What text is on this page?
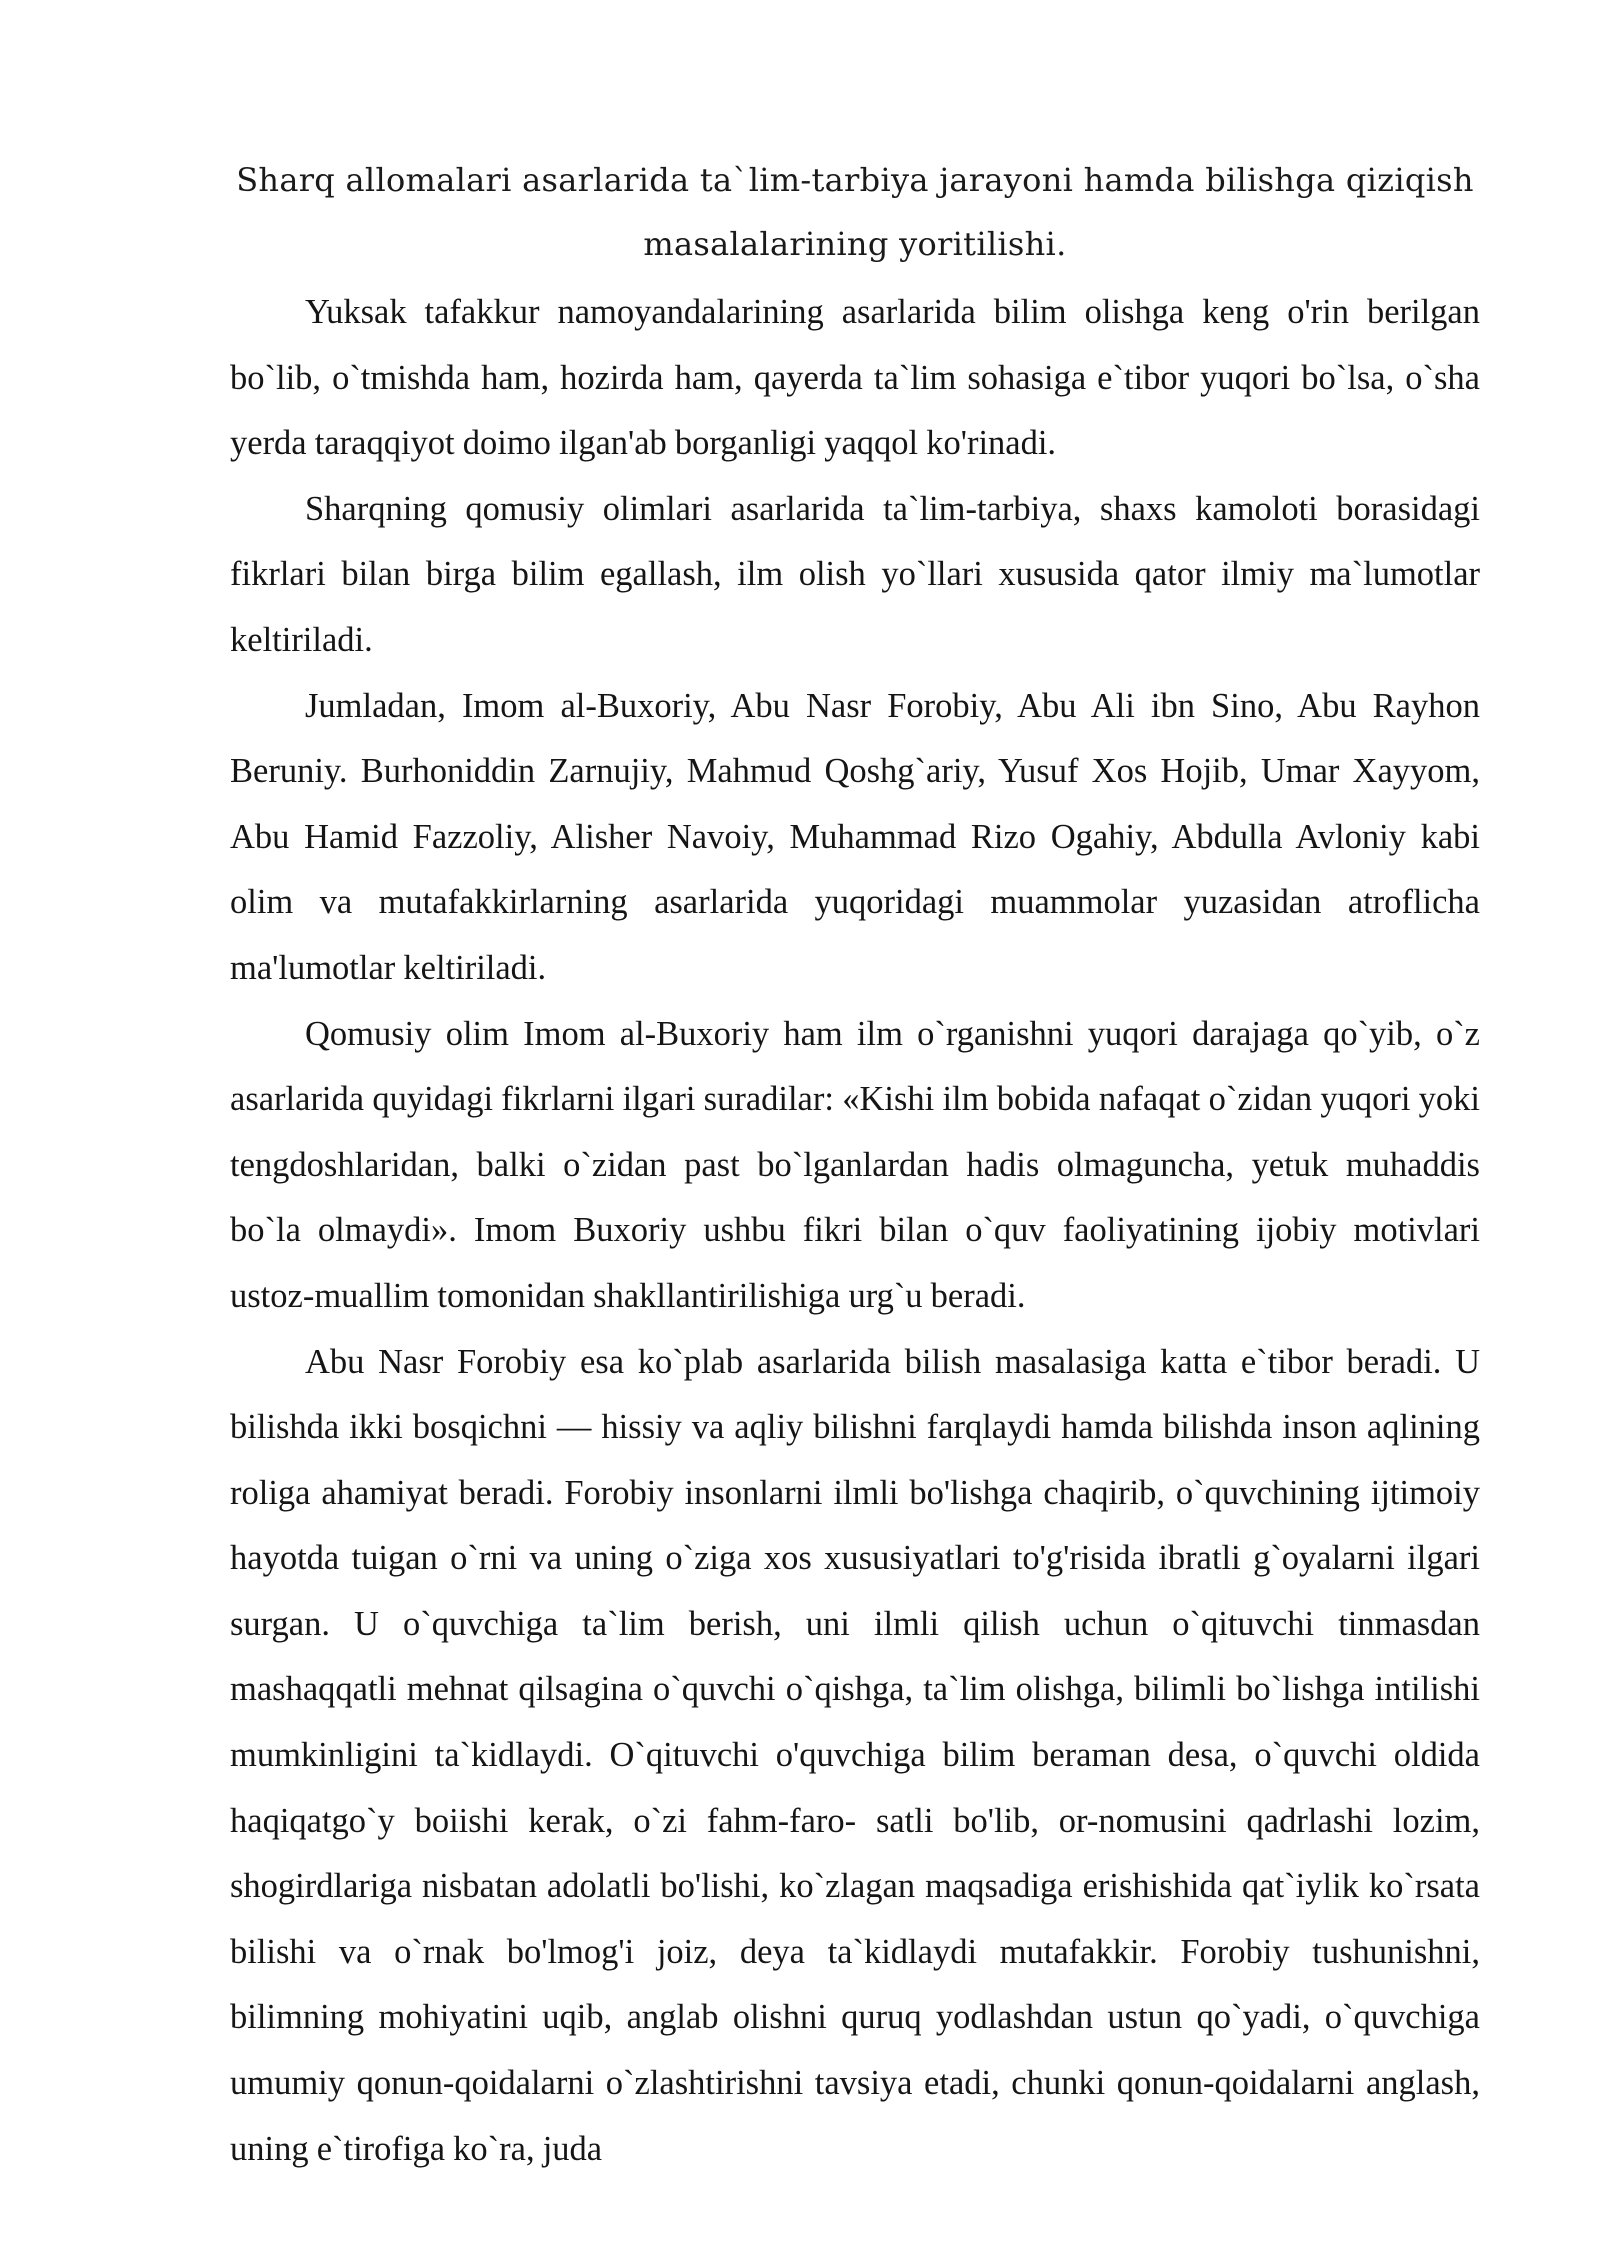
Sharq allomalari asarlarida ta`lim-tarbiya jarayoni hamda bilishga qiziqish masalalarining yoritilishi.

Yuksak tafakkur namoyandalarining asarlarida bilim olishga keng o'rin berilgan bo`lib, o`tmishda ham, hozirda ham, qayerda ta`lim sohasiga e`tibor yuqori bo`lsa, o`sha yerda taraqqiyot doimo ilgan'ab borganligi yaqqol ko'rinadi.

Sharqning qomusiy olimlari asarlarida ta`lim-tarbiya, shaxs kamoloti borasidagi fikrlari bilan birga bilim egallash, ilm olish yo`llari xususida qator ilmiy ma`lumotlar keltiriladi.

Jumladan, Imom al-Buxoriy, Abu Nasr Forobiy, Abu Ali ibn Sino, Abu Rayhon Beruniy. Burhoniddin Zarnujiy, Mahmud Qoshg`ariy, Yusuf Xos Hojib, Umar Xayyom, Abu Hamid Fazzoliy, Alisher Navoiy, Muhammad Rizo Ogahiy, Abdulla Avloniy kabi olim va mutafakkirlarning asarlarida yuqoridagi muammolar yuzasidan atroflicha ma'lumotlar keltiriladi.

Qomusiy olim Imom al-Buxoriy ham ilm o`rganishni yuqori darajaga qo`yib, o`z asarlarida quyidagi fikrlarni ilgari suradilar: «Kishi ilm bobida nafaqat o`zidan yuqori yoki tengdoshlaridan, balki o`zidan past bo`lganlardan hadis olmaguncha, yetuk muhaddis bo`la olmaydi». Imom Buxoriy ushbu fikri bilan o`quv faoliyatining ijobiy motivlari ustoz-muallim tomonidan shakllantirilishiga urg`u beradi.

Abu Nasr Forobiy esa ko`plab asarlarida bilish masalasiga katta e`tibor beradi. U bilishda ikki bosqichni — hissiy va aqliy bilishni farqlaydi hamda bilishda inson aqlining roliga ahamiyat beradi. Forobiy insonlarni ilmli bo'lishga chaqirib, o`quvchining ijtimoiy hayotda tuigan o`rni va uning o`ziga xos xususiyatlari to'g'risida ibratli g`oyalarni ilgari surgan. U o`quvchiga ta`lim berish, uni ilmli qilish uchun o`qituvchi tinmasdan mashaqqatli mehnat qilsagina o`quvchi o`qishga, ta`lim olishga, bilimli bo`lishga intilishi mumkinligini ta`kidlaydi. O`qituvchi o'quvchiga bilim beraman desa, o`quvchi oldida haqiqatgo`y boiishi kerak, o`zi fahm-faro- satli bo'lib, or-nomusini qadrlashi lozim, shogirdlariga nisbatan adolatli bo'lishi, ko`zlagan maqsadiga erishishida qat`iylik ko`rsata bilishi va o`rnak bo'lmog'i joiz, deya ta`kidlaydi mutafakkir. Forobiy tushunishni, bilimning mohiyatini uqib, anglab olishni quruq yodlashdan ustun qo`yadi, o`quvchiga umumiy qonun-qoidalarni o`zlashtirishni tavsiya etadi, chunki qonun-qoidalarni anglash, uning e`tirofiga ko`ra, juda
